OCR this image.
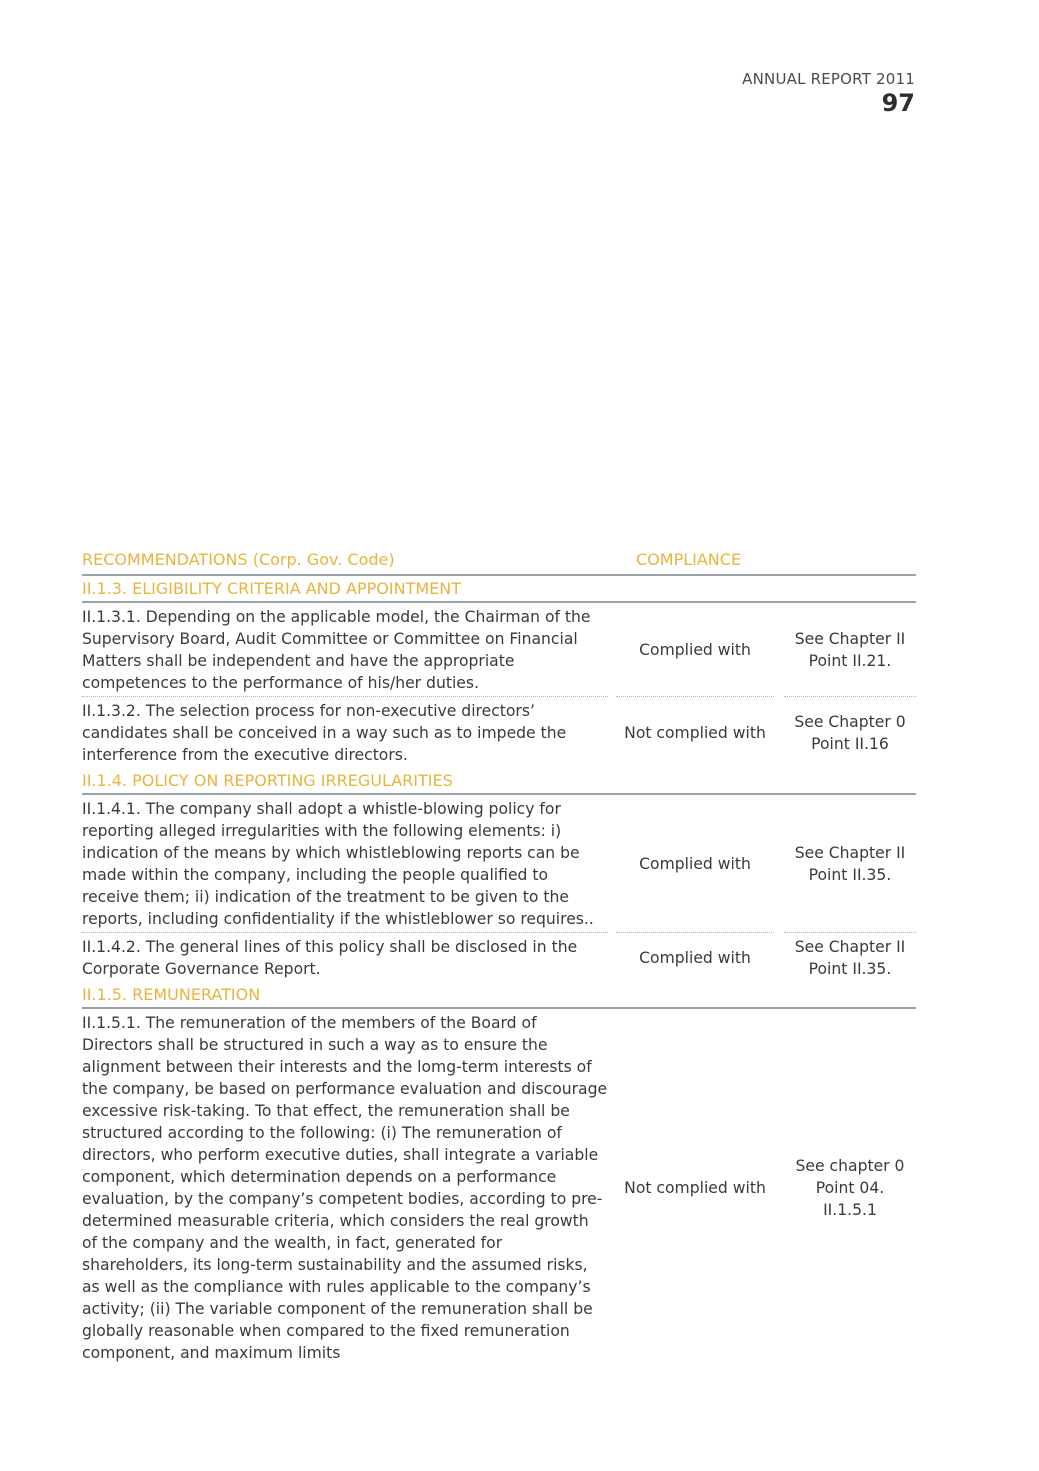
ANNUAL REPORT 2011
97
RECOMMENDATIONS (Corp. Gov. Code)	COMPLIANCE
II.1.3. ELIGIBILITY CRITERIA AND APPOINTMENT
II.1.3.1. Depending on the applicable model, the Chairman of the Supervisory Board, Audit Committee or Committee on Financial Matters shall be independent and have the appropriate competences to the performance of his/her duties.
Complied with
See Chapter II
Point II.21.
II.1.3.2. The selection process for non-executive directors’ candidates shall be conceived in a way such as to impede the interference from the executive directors.
Not complied with
See Chapter 0
Point II.16
II.1.4. POLICY ON REPORTING IRREGULARITIES
II.1.4.1. The company shall adopt a whistle-blowing policy for reporting alleged irregularities with the following elements: i) indication of the means by which whistleblowing reports can be made within the company, including the people qualified to receive them; ii) indication of the treatment to be given to the reports, including confidentiality if the whistleblower so requires..
Complied with
See Chapter II
Point II.35.
II.1.4.2. The general lines of this policy shall be disclosed in the Corporate Governance Report.
Complied with
See Chapter II
Point II.35.
II.1.5. REMUNERATION
II.1.5.1. The remuneration of the members of the Board of Directors shall be structured in such a way as to ensure the alignment between their interests and the lomg-term interests of the company, be based on performance evaluation and discourage excessive risk-taking. To that effect, the remuneration shall be structured according to the following: (i) The remuneration of directors, who perform executive duties, shall integrate a variable component, which determination depends on a performance evaluation, by the company’s competent bodies, according to pre-determined measurable criteria, which considers the real growth of the company and the wealth, in fact, generated for shareholders, its long-term sustainability and the assumed risks, as well as the compliance with rules applicable to the company’s activity; (ii) The variable component of the remuneration shall be globally reasonable when compared to the fixed remuneration component, and maximum limits
Not complied with
See chapter 0
Point 04.
II.1.5.1
